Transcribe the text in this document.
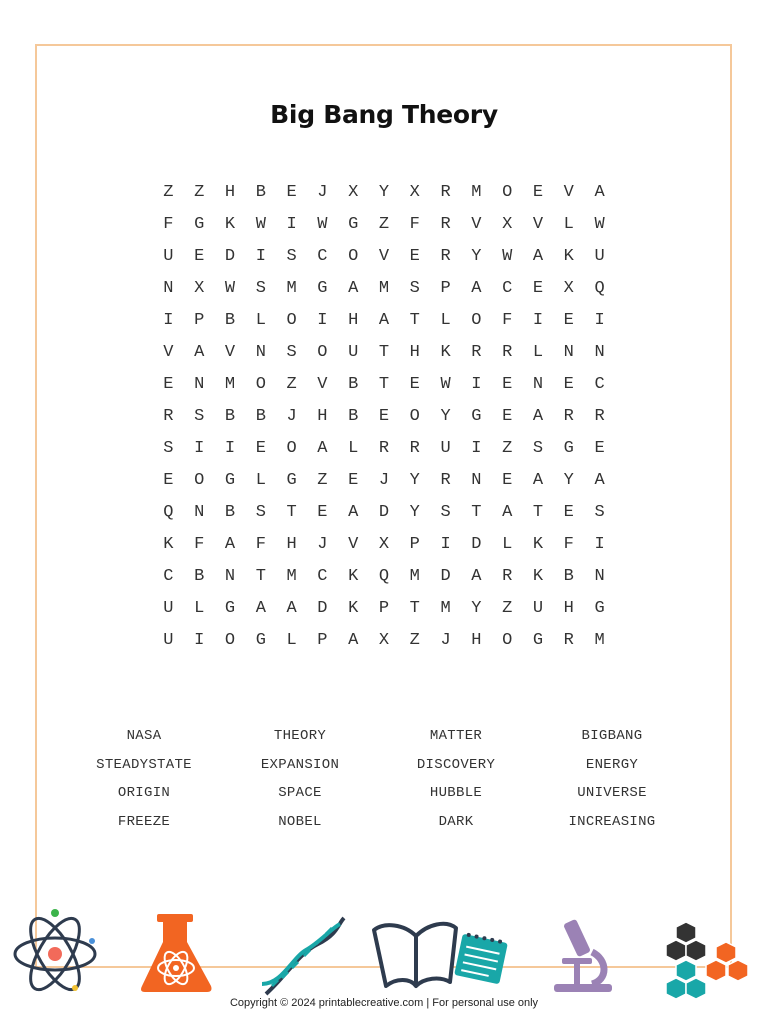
Big Bang Theory
Z	Z	H	B	E	J	X	Y	X	R	M	O	E	V	A
F	G	K	W	I	W	G	Z	F	R	V	X	V	L	W
U	E	D	I	S	C	O	V	E	R	Y	W	A	K	U
N	X	W	S	M	G	A	M	S	P	A	C	E	X	Q
I	P	B	L	O	I	H	A	T	L	O	F	I	E	I
V	A	V	N	S	O	U	T	H	K	R	R	L	N	N
E	N	M	O	Z	V	B	T	E	W	I	E	N	E	C
R	S	B	B	J	H	B	E	O	Y	G	E	A	R	R
S	I	I	E	O	A	L	R	R	U	I	Z	S	G	E
E	O	G	L	G	Z	E	J	Y	R	N	E	A	Y	A
Q	N	B	S	T	E	A	D	Y	S	T	A	T	E	S
K	F	A	F	H	J	V	X	P	I	D	L	K	F	I
C	B	N	T	M	C	K	Q	M	D	A	R	K	B	N
U	L	G	A	A	D	K	P	T	M	Y	Z	U	H	G
U	I	O	G	L	P	A	X	Z	J	H	O	G	R	M
NASA	THEORY	MATTER	BIGBANG
STEADYSTATE	EXPANSION	DISCOVERY	ENERGY
ORIGIN	SPACE	HUBBLE	UNIVERSE
FREEZE	NOBEL	DARK	INCREASING
Copyright © 2024 printablecreative.com | For personal use only
